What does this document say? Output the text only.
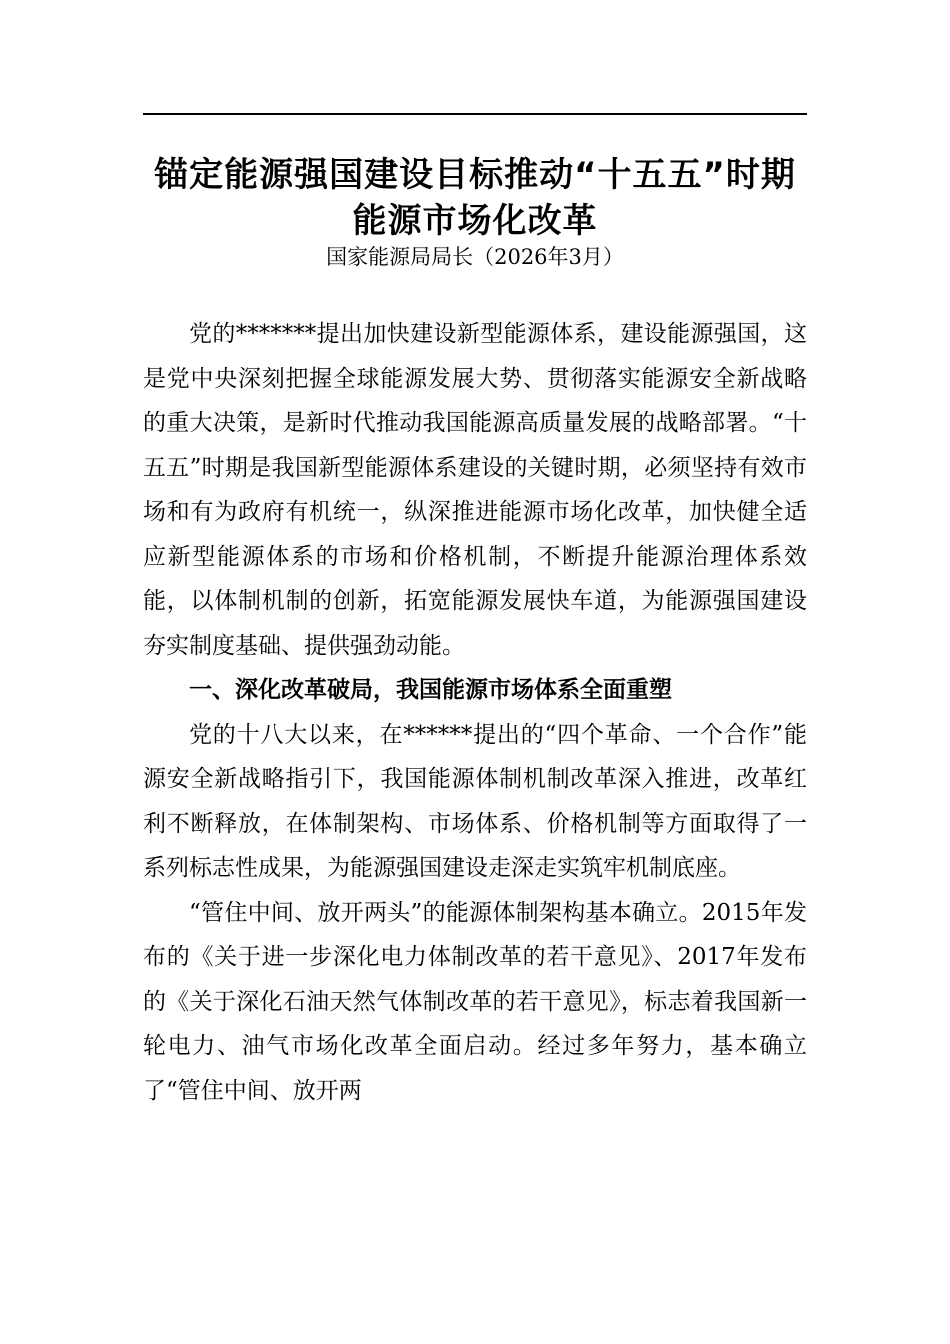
锚定能源强国建设目标推动“十五五”时期能源市场化改革

国家能源局局长（2026年3月）

党的*******提出加快建设新型能源体系，建设能源强国，这是党中央深刻把握全球能源发展大势、贯彻落实能源安全新战略的重大决策，是新时代推动我国能源高质量发展的战略部署。“十五五”时期是我国新型能源体系建设的关键时期，必须坚持有效市场和有为政府有机统一，纵深推进能源市场化改革，加快健全适应新型能源体系的市场和价格机制，不断提升能源治理体系效能，以体制机制的创新，拓宽能源发展快车道，为能源强国建设夯实制度基础、提供强劲动能。

一、深化改革破局，我国能源市场体系全面重塑

党的十八大以来，在******提出的“四个革命、一个合作”能源安全新战略指引下，我国能源体制机制改革深入推进，改革红利不断释放，在体制架构、市场体系、价格机制等方面取得了一系列标志性成果，为能源强国建设走深走实筑牢机制底座。

“管住中间、放开两头”的能源体制架构基本确立。2015年发布的《关于进一步深化电力体制改革的若干意见》、2017年发布的《关于深化石油天然气体制改革的若干意见》，标志着我国新一轮电力、油气市场化改革全面启动。经过多年努力，基本确立了“管住中间、放开两
